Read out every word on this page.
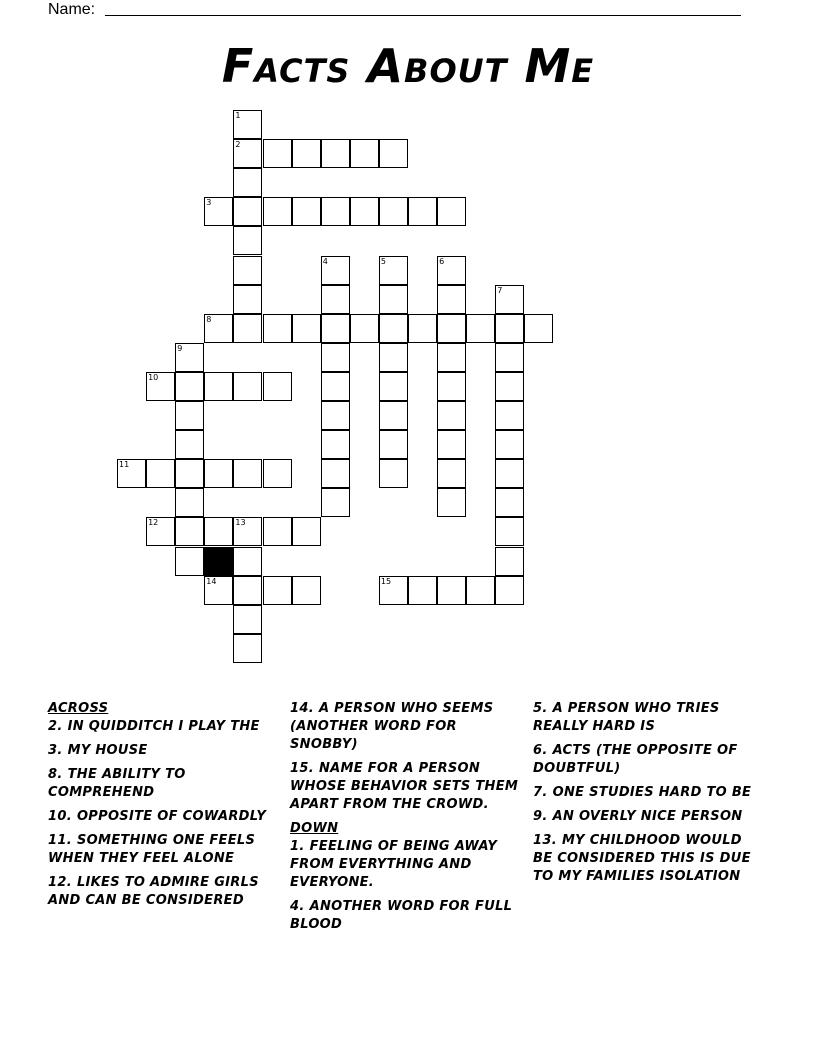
Name:
Facts About Me
1
2
3
4	5	6
7
8
9
10
11
12	13
14	15
ACROSS
2. IN QUIDDITCH I PLAY THE
3. MY HOUSE
8. THE ABILITY TO COMPREHEND
10. OPPOSITE OF COWARDLY
11. SOMETHING ONE FEELS WHEN THEY FEEL ALONE
12. LIKES TO ADMIRE GIRLS AND CAN BE CONSIDERED
14. A PERSON WHO SEEMS (ANOTHER WORD FOR SNOBBY)
15. NAME FOR A PERSON WHOSE BEHAVIOR SETS THEM APART FROM THE CROWD.
DOWN
1. FEELING OF BEING AWAY FROM EVERYTHING AND EVERYONE.
4. ANOTHER WORD FOR FULL BLOOD
5. A PERSON WHO TRIES REALLY HARD IS
6. ACTS (THE OPPOSITE OF DOUBTFUL)
7. ONE STUDIES HARD TO BE
9. AN OVERLY NICE PERSON
13. MY CHILDHOOD WOULD BE CONSIDERED THIS IS DUE TO MY FAMILIES ISOLATION
